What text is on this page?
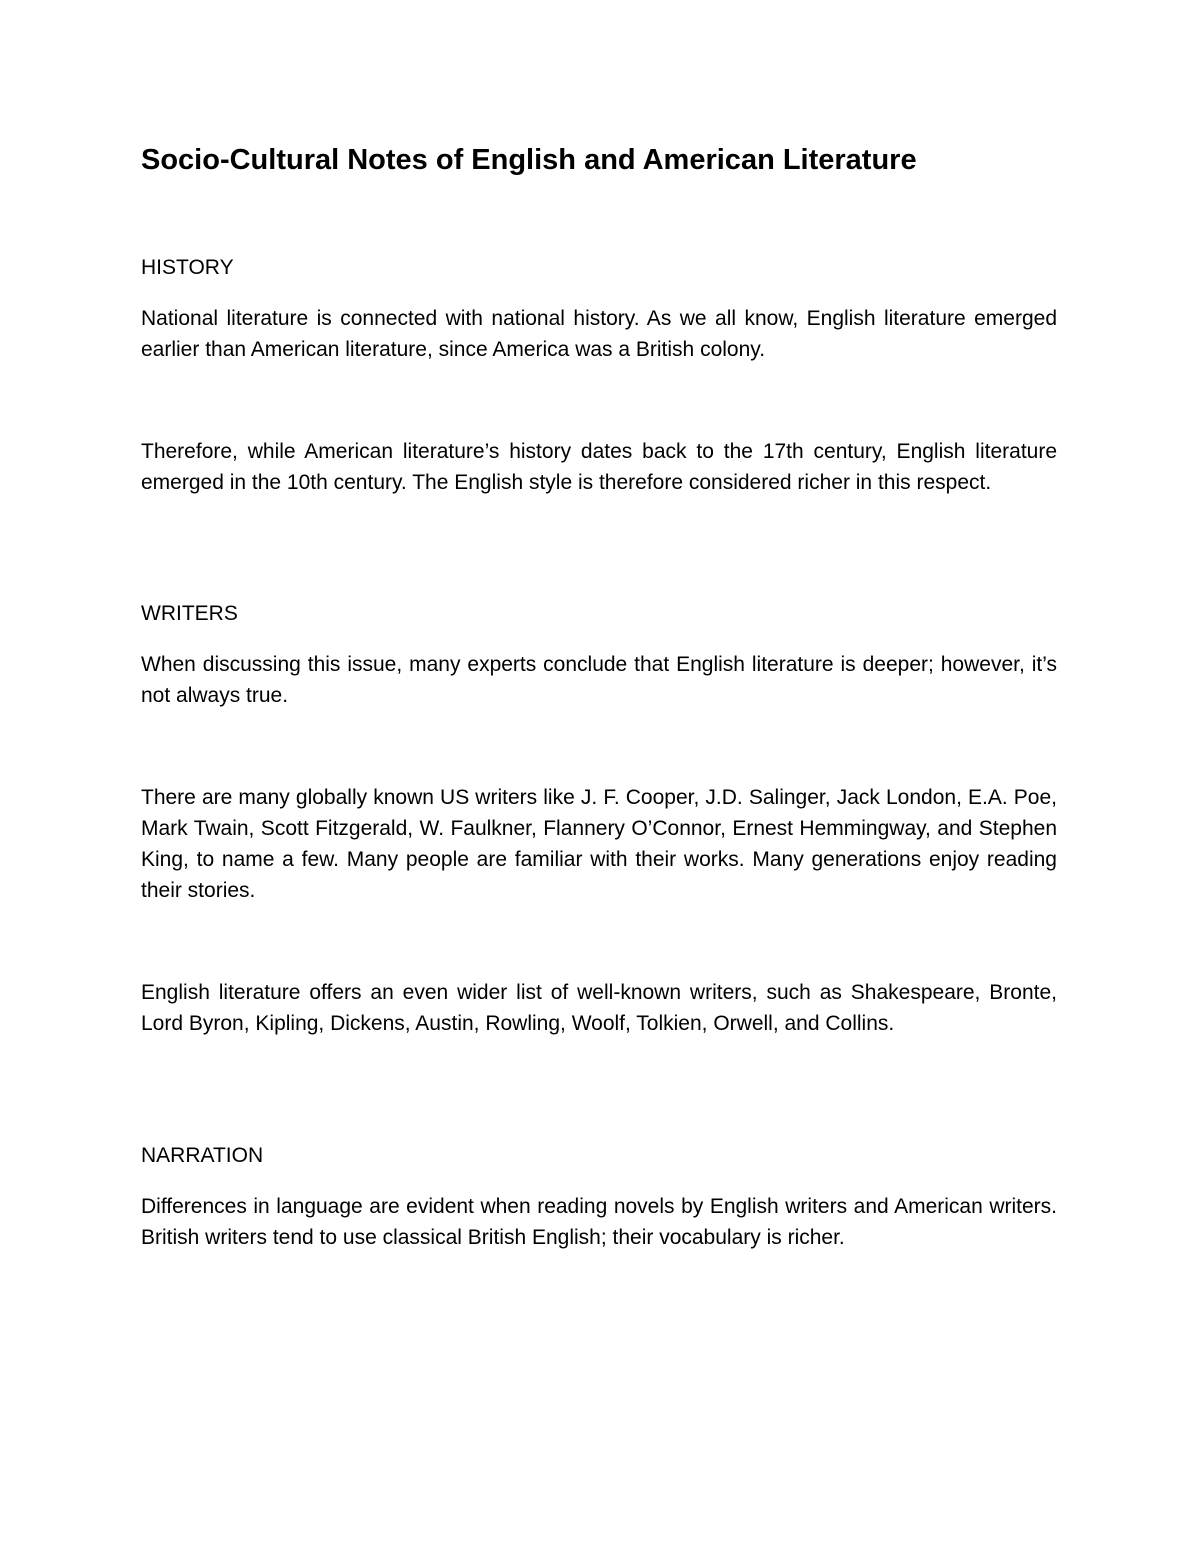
Socio-Cultural Notes of English and American Literature
HISTORY

National literature is connected with national history. As we all know, English literature emerged earlier than American literature, since America was a British colony.

Therefore, while American literature’s history dates back to the 17th century, English literature emerged in the 10th century. The English style is therefore considered richer in this respect.

WRITERS

When discussing this issue, many experts conclude that English literature is deeper; however, it’s not always true.

There are many globally known US writers like J. F. Cooper, J.D. Salinger, Jack London, E.A. Poe, Mark Twain, Scott Fitzgerald, W. Faulkner, Flannery O’Connor, Ernest Hemmingway, and Stephen King, to name a few. Many people are familiar with their works. Many generations enjoy reading their stories.

English literature offers an even wider list of well-known writers, such as Shakespeare, Bronte, Lord Byron, Kipling, Dickens, Austin, Rowling, Woolf, Tolkien, Orwell, and Collins.

NARRATION

Differences in language are evident when reading novels by English writers and American writers. British writers tend to use classical British English; their vocabulary is richer.
